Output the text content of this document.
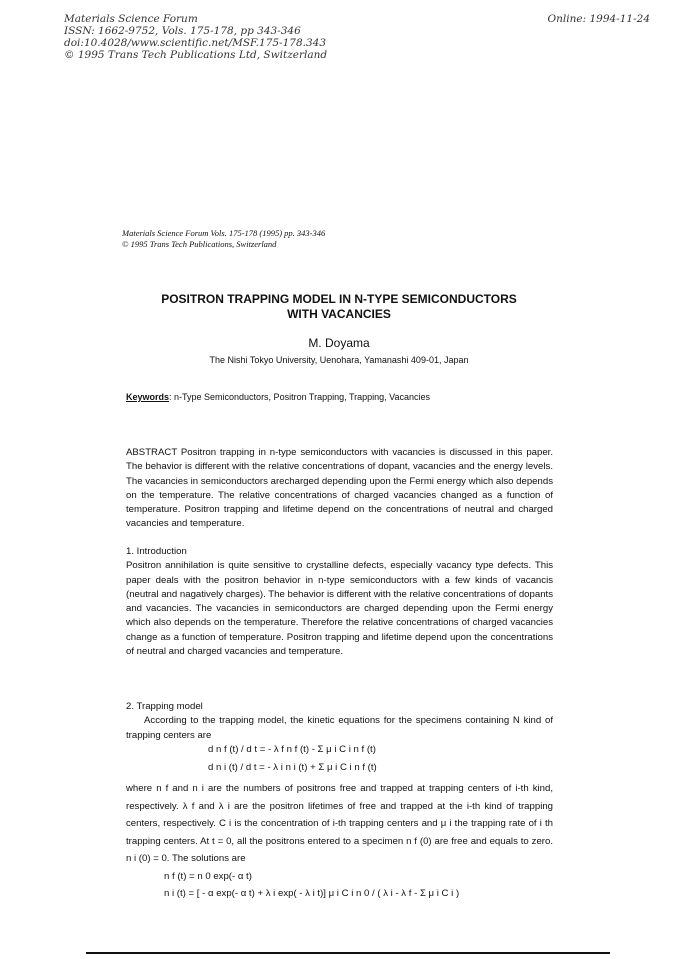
Materials Science Forum
ISSN: 1662-9752, Vols. 175-178, pp 343-346
doi:10.4028/www.scientific.net/MSF.175-178.343
© 1995 Trans Tech Publications Ltd, Switzerland
Online: 1994-11-24
Materials Science Forum Vols. 175-178 (1995) pp. 343-346
© 1995 Trans Tech Publications, Switzerland
POSITRON TRAPPING MODEL IN N-TYPE SEMICONDUCTORS
WITH VACANCIES
M. Doyama
The Nishi Tokyo University, Uenohara, Yamanashi 409-01, Japan
Keywords: n-Type Semiconductors, Positron Trapping, Trapping, Vacancies

ABSTRACT Positron trapping in n-type semiconductors with vacancies is discussed in this paper. The behavior is different with the relative concentrations of dopant, vacancies and the energy levels. The vacancies in semiconductors arecharged depending upon the Fermi energy which also depends on the temperature. The relative concentrations of charged vacancies changed as a function of temperature. Positron trapping and lifetime depend on the concentrations of neutral and charged vacancies and temperature.

1. Introduction

Positron annihilation is quite sensitive to crystalline defects, especially vacancy type defects. This paper deals with the positron behavior in n-type semiconductors with a few kinds of vacancis (neutral and nagatively charges). The behavior is different with the relative concentrations of dopants and vacancies. The vacancies in semiconductors are charged depending upon the Fermi energy which also depends on the temperature. Therefore the relative concentrations of charged vacancies change as a function of temperature. Positron trapping and lifetime depend upon the concentrations of neutral and charged vacancies and temperature.

2. Trapping model

According to the trapping model, the kinetic equations for the specimens containing N kind of trapping centers are

d n f (t) / d t = - λ f n f (t) - Σ μ i C i n f (t)
d n i (t) / d t = - λ i n i (t) + Σ μ i C i n f (t)

where n f and n i are the numbers of positrons free and trapped at trapping centers of i-th kind, respectively. λ f and λ i are the positron lifetimes of free and trapped at the i-th kind of trapping centers, respectively. C i is the concentration of i-th trapping centers and μ i the trapping rate of i th trapping centers. At t = 0, all the positrons entered to a specimen n f (0) are free and equals to zero. n i (0) = 0. The solutions are

n f (t) = n 0 exp(- α t)
n i (t) = [ - α exp(- α t) + λ i exp( - λ i t)] μ i C i n 0 / ( λ i - λ f - Σ μ i C i )
